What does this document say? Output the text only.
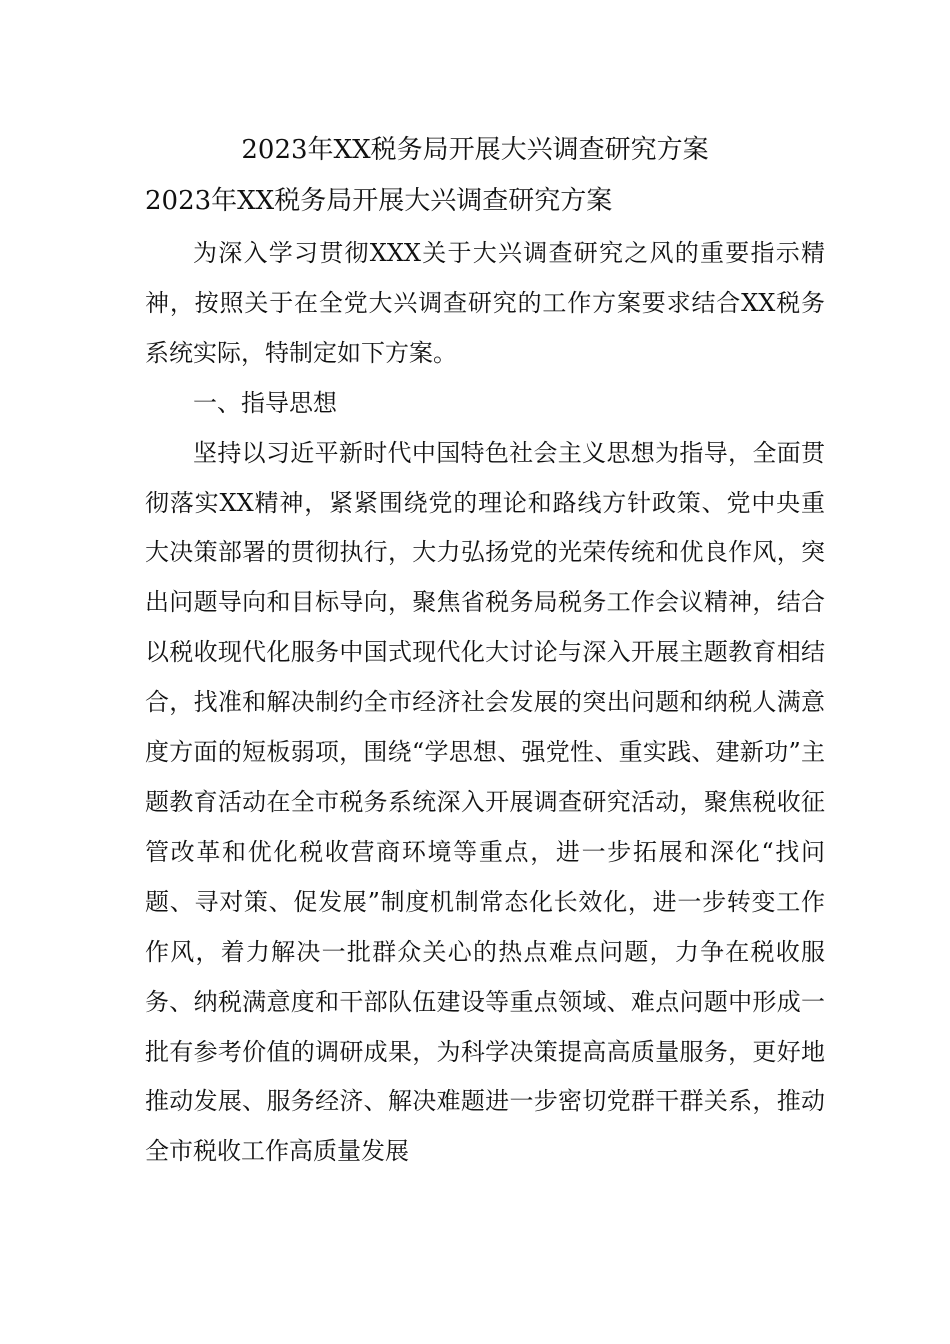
2023年XX税务局开展大兴调查研究方案
2023年XX税务局开展大兴调查研究方案

为深入学习贯彻XXX关于大兴调查研究之风的重要指示精神，按照关于在全党大兴调查研究的工作方案要求结合XX税务系统实际，特制定如下方案。

一、指导思想

坚持以习近平新时代中国特色社会主义思想为指导，全面贯彻落实XX精神，紧紧围绕党的理论和路线方针政策、党中央重大决策部署的贯彻执行，大力弘扬党的光荣传统和优良作风，突出问题导向和目标导向，聚焦省税务局税务工作会议精神，结合以税收现代化服务中国式现代化大讨论与深入开展主题教育相结合，找准和解决制约全市经济社会发展的突出问题和纳税人满意度方面的短板弱项，围绕“学思想、强党性、重实践、建新功”主题教育活动在全市税务系统深入开展调查研究活动，聚焦税收征管改革和优化税收营商环境等重点，进一步拓展和深化“找问题、寻对策、促发展”制度机制常态化长效化，进一步转变工作作风，着力解决一批群众关心的热点难点问题，力争在税收服务、纳税满意度和干部队伍建设等重点领域、难点问题中形成一批有参考价值的调研成果，为科学决策提高高质量服务，更好地推动发展、服务经济、解决难题进一步密切党群干群关系，推动全市税收工作高质量发展
